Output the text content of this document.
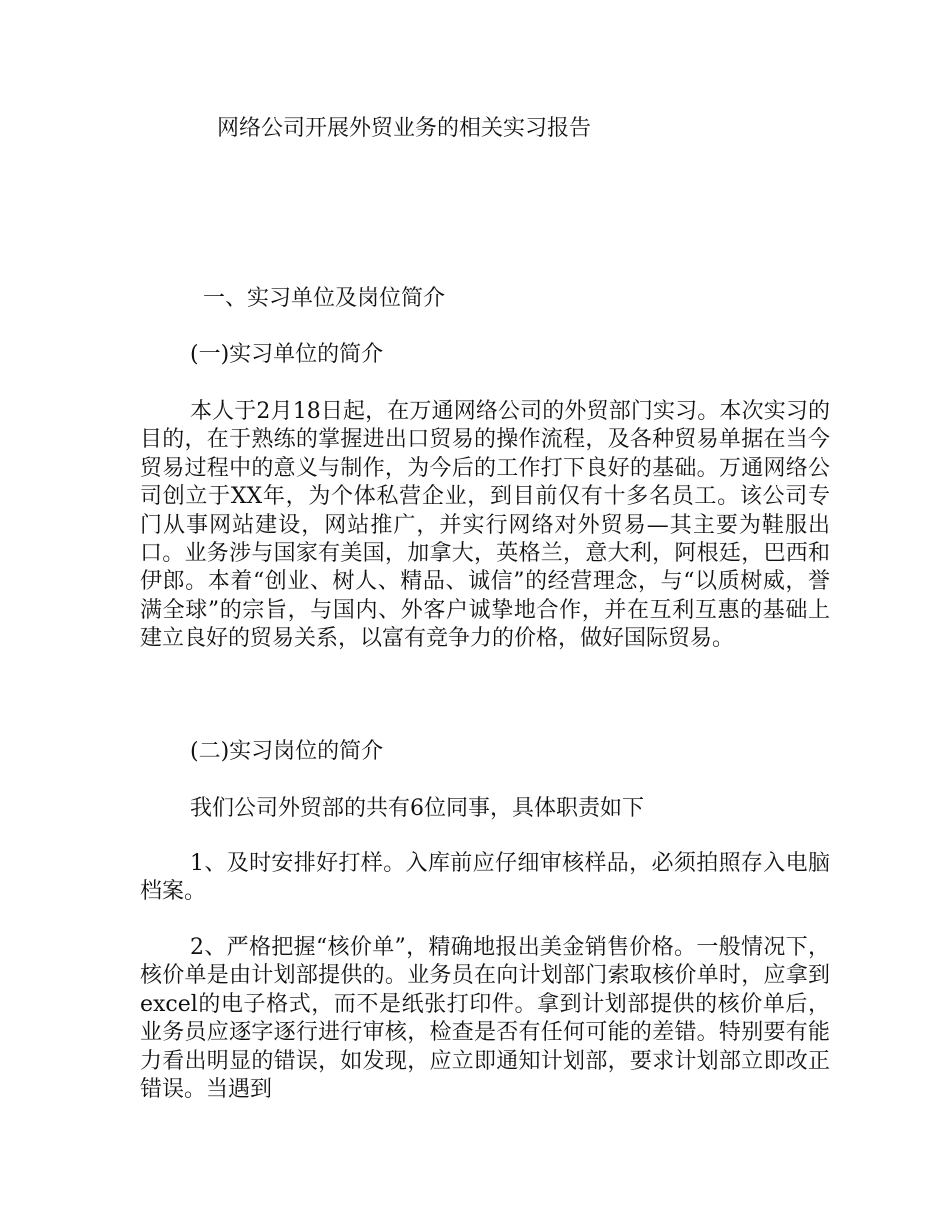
网络公司开展外贸业务的相关实习报告
一、实习单位及岗位简介
(一)实习单位的简介

本人于2月18日起，在万通网络公司的外贸部门实习。本次实习的目的，在于熟练的掌握进出口贸易的操作流程，及各种贸易单据在当今贸易过程中的意义与制作，为今后的工作打下良好的基础。万通网络公司创立于XX年，为个体私营企业，到目前仅有十多名员工。该公司专门从事网站建设，网站推广，并实行网络对外贸易—其主要为鞋服出口。业务涉与国家有美国，加拿大，英格兰，意大利，阿根廷，巴西和伊郎。本着“创业、树人、精品、诚信”的经营理念，与“以质树威，誉满全球”的宗旨，与国内、外客户诚挚地合作，并在互利互惠的基础上建立良好的贸易关系，以富有竞争力的价格，做好国际贸易。

(二)实习岗位的简介

我们公司外贸部的共有6位同事，具体职责如下

1、及时安排好打样。入库前应仔细审核样品，必须拍照存入电脑档案。

2、严格把握“核价单”，精确地报出美金销售价格。一般情况下，核价单是由计划部提供的。业务员在向计划部门索取核价单时，应拿到excel的电子格式，而不是纸张打印件。拿到计划部提供的核价单后，业务员应逐字逐行进行审核，检查是否有任何可能的差错。特别要有能力看出明显的错误，如发现，应立即通知计划部，要求计划部立即改正错误。当遇到
